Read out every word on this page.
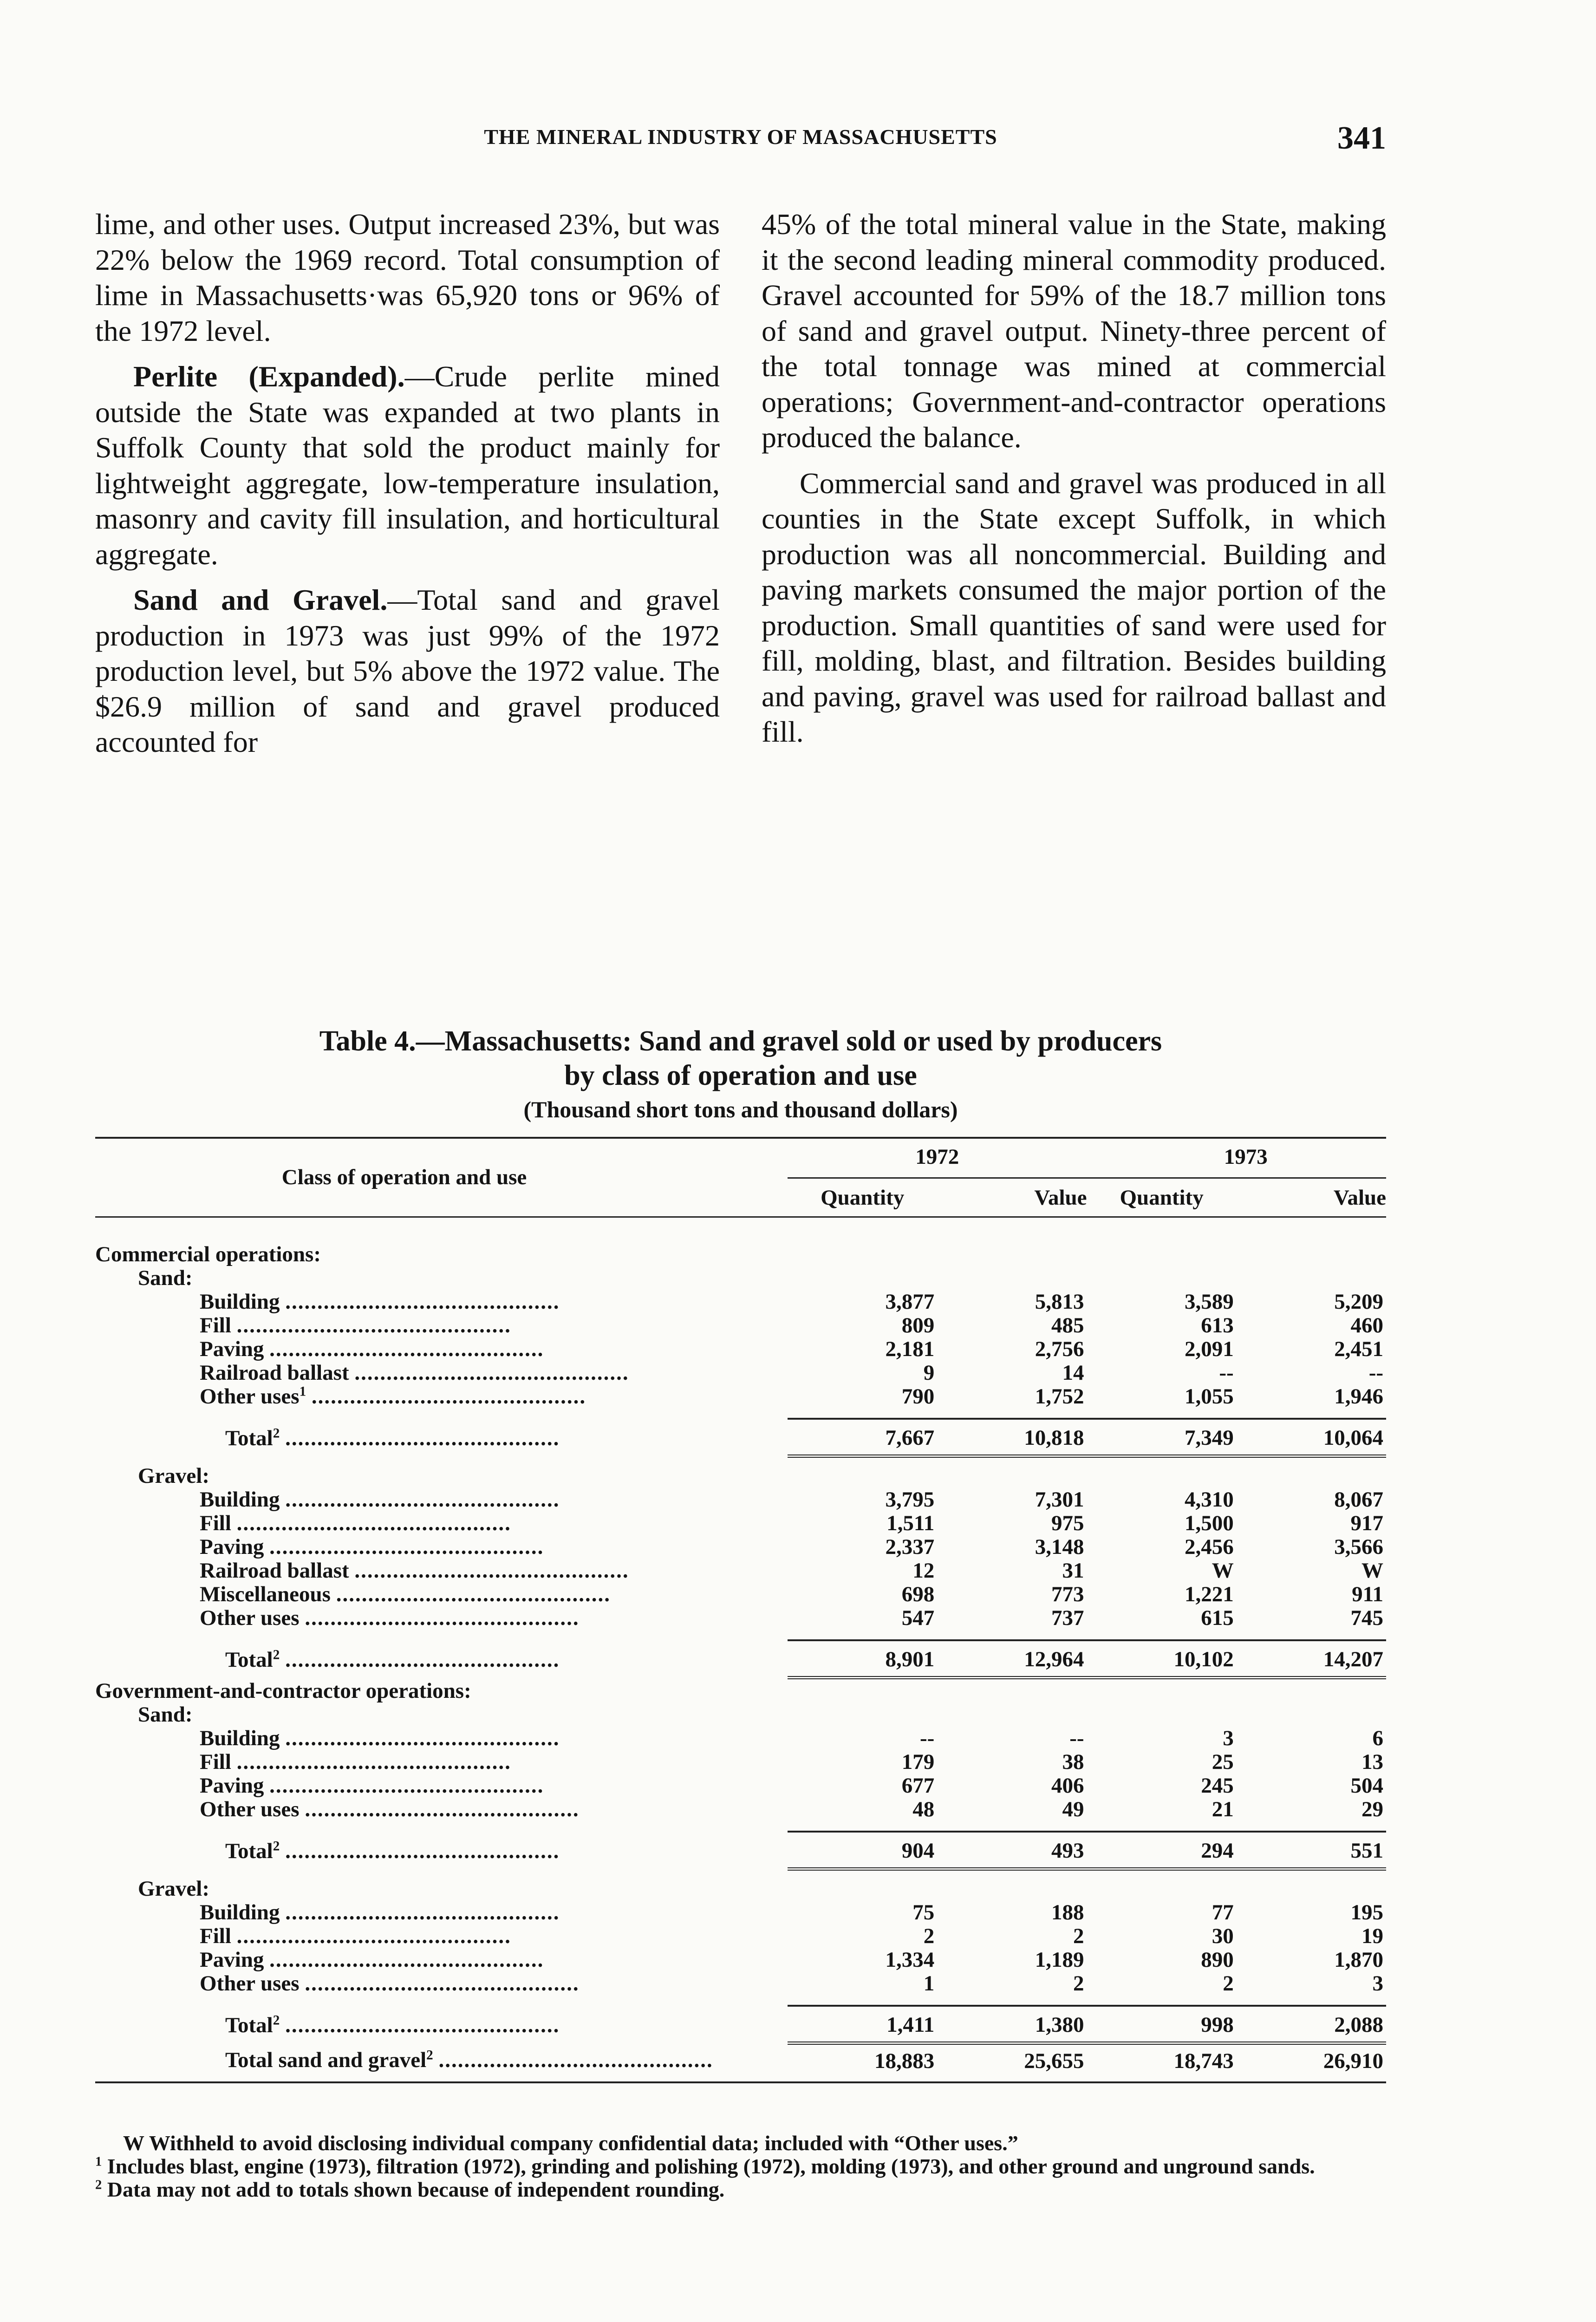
THE MINERAL INDUSTRY OF MASSACHUSETTS	341

lime, and other uses. Output increased 23%, but was 22% below the 1969 record. Total consumption of lime in Massachusetts·was 65,920 tons or 96% of the 1972 level.

Perlite (Expanded).—Crude perlite mined outside the State was expanded at two plants in Suffolk County that sold the product mainly for lightweight aggregate, low-temperature insulation, masonry and cavity fill insulation, and horticultural aggregate.

Sand and Gravel.—Total sand and gravel production in 1973 was just 99% of the 1972 production level, but 5% above the 1972 value. The $26.9 million of sand and gravel produced accounted for

45% of the total mineral value in the State, making it the second leading mineral commodity produced. Gravel accounted for 59% of the 18.7 million tons of sand and gravel output. Ninety-three percent of the total tonnage was mined at commercial operations; Government-and-contractor operations produced the balance.

Commercial sand and gravel was produced in all counties in the State except Suffolk, in which production was all noncommercial. Building and paving markets consumed the major portion of the production. Small quantities of sand were used for fill, molding, blast, and filtration. Besides building and paving, gravel was used for railroad ballast and fill.

Table 4.—Massachusetts: Sand and gravel sold or used by producers
by class of operation and use
(Thousand short tons and thousand dollars)

Class of operation and use	1972		1973	
	Quantity	Value	Quantity	Value

Commercial operations:				
Sand:				
Building ...........................................	3,877	5,813	3,589	5,209
Fill ...........................................	809	485	613	460
Paving ...........................................	2,181	2,756	2,091	2,451
Railroad ballast ...........................................	9	14	--	--
Other uses$^1$ ...........................................	790	1,752	1,055	1,946

Total$^2$ ...........................................	7,667	10,818	7,349	10,064

Gravel:				
Building ...........................................	3,795	7,301	4,310	8,067
Fill ...........................................	1,511	975	1,500	917
Paving ...........................................	2,337	3,148	2,456	3,566
Railroad ballast ...........................................	12	31	W	W
Miscellaneous ...........................................	698	773	1,221	911
Other uses ...........................................	547	737	615	745

Total$^2$ ...........................................	8,901	12,964	10,102	14,207
Government-and-contractor operations:				
Sand:				
Building ...........................................	--	--	3	6
Fill ...........................................	179	38	25	13
Paving ...........................................	677	406	245	504
Other uses ...........................................	48	49	21	29

Total$^2$ ...........................................	904	493	294	551

Gravel:				
Building ...........................................	75	188	77	195
Fill ...........................................	2	2	30	19
Paving ...........................................	1,334	1,189	890	1,870
Other uses ...........................................	1	2	2	3

Total$^2$ ...........................................	1,411	1,380	998	2,088
Total sand and gravel$^2$ ...........................................	18,883	25,655	18,743	26,910

W Withheld to avoid disclosing individual company confidential data; included with “Other uses.”

$^1$ Includes blast, engine (1973), filtration (1972), grinding and polishing (1972), molding (1973), and other ground and unground sands.

$^2$ Data may not add to totals shown because of independent rounding.
